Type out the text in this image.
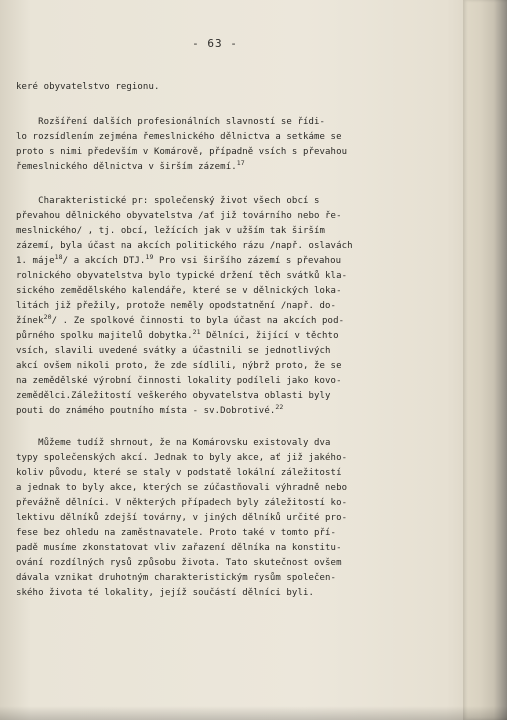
- 63 -
keré obyvatelstvo regionu.
Rozšíření dalších profesionálních slavností se řídi-
lo rozsídlením zejména řemeslnického dělnictva a setkáme se
proto s nimi především v Komárově, případně vsích s převahou
řemeslnického dělnictva v širším zázemí.$^{17}$
Charakteristické pr: společenský život všech obcí s
převahou dělnického obyvatelstva /ať již továrního nebo ře-
meslnického/ , tj. obcí, ležících jak v užším tak širším
zázemí, byla účast na akcích politického rázu /např. oslavách
1. máje$^{18}$/ a akcích DTJ.$^{19}$ Pro vsi širšího zázemí s převahou
rolnického obyvatelstva bylo typické držení těch svátků kla-
sického zemědělského kalendáře, které se v dělnických loka-
litách již přežily, protože neměly opodstatnění /např. do-
žínek$^{20}$/ . Ze spolkové činnosti to byla účast na akcích pod-
půrného spolku majitelů dobytka.$^{21}$ Dělníci, žijící v těchto
vsích, slavili uvedené svátky a účastnili se jednotlivých
akcí ovšem nikoli proto, že zde sídlili, nýbrž proto, že se
na zemědělské výrobní činnosti lokality podíleli jako kovo-
zemědělci.Záležitostí veškerého obyvatelstva oblasti byly
pouti do známého poutního místa - sv.Dobrotivé.$^{22}$
Můžeme tudíž shrnout, že na Komárovsku existovaly dva
typy společenských akcí. Jednak to byly akce, ať již jakého-
koliv původu, které se staly v podstatě lokální záležitostí
a jednak to byly akce, kterých se zúčastňovali výhradně nebo
převážně dělníci. V některých případech byly záležitostí ko-
lektivu dělníků zdejší továrny, v jiných dělníků určité pro-
fese bez ohledu na zaměstnavatele. Proto také v tomto pří-
padě musíme zkonstatovat vliv zařazení dělníka na konstitu-
ování rozdílných rysů způsobu života. Tato skutečnost ovšem
dávala vznikat druhotným charakteristickým rysům společen-
ského života té lokality, jejíž součástí dělníci byli.
